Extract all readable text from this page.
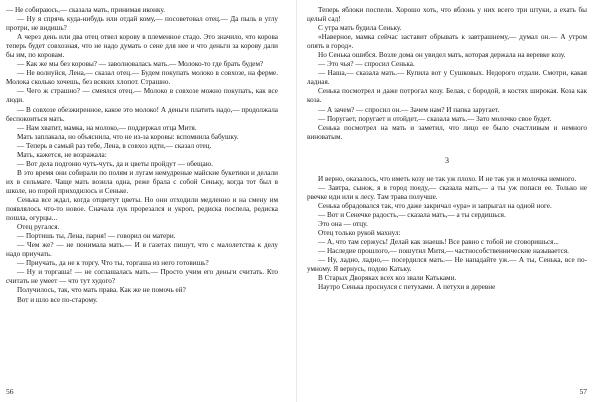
— Не собираюсь,— сказала мать, принимая иконку.

— Ну я спрячь куда-нибудь или отдай кому,— посоветовал отец.— Да пыль в углу протри, не видишь?

А через день или два отец отвел корову в племенное стадо. Это значило, что корова теперь будет совхозная, что не надо думать о сене для нее и что деньги за корову дали бы им, по коровам.

— Как же мы без коровы? — заволновалась мать.— Молоко-то где брать будем?

— Не волнуйся, Лена,— сказал отец.— Будем покупать молоко в совхозе, на ферме. Молока сколько хочешь, без всяких хлопот. Страшно.

— Чего ж страшно? — смеялся отец.— Молоко в совхозе можно покупать, как все люди.

— В совхозе обезжиренное, какое это молоко! А деньги платить надо,— продолжала беспокоиться мать.

— Нам хватит, мамка, на молоко,— поддержал отца Митя.

Мать заплакала, но объяснила, что не из-за коровы: вспомнила бабушку.

— Теперь в самый раз тебе, Лена, в совхоз идти,— сказал отец.

Мать, кажется, не возражала:

— Вот дела подгоню чуть-чуть, да и цветы пройдут — обещаю.

В это время они собирали по полям и лугам немудреные майские букетики и делали их в сельмаге. Чаще мать возила одна, реже брала с собой Сеньку, когда тот был в школе, но порой приходилось и Сеньке.

Сенька все ждал, когда отцветут цветы. Но они отходили медленно и на смену им появлялось что-то новое. Сначала лук прорезался и укроп, редиска поспела, редиска пошла, огурцы...

Отец ругался.

— Портишь ты, Лена, парня! — говорил он матери.

— Чем же? — не понимала мать.— И в газетах пишут, что с малолетства к делу надо приучать.

— Приучать, да не к торгу. Что ты, торгаша из него готовишь?

— Ну и торгаша! — не соглашалась мать.— Просто учим его деньги считать. Кто считать не умеет — что тут худого?

Получилось, так, что мать права. Как же не помочь ей?

Вот и шло все по-старому.

56

Теперь яблоки поспели. Хорошо хоть, что яблонь у них всего три штуки, а ехать бы целый сад!

С утра мать будила Сеньку.

«Наверное, мамка сейчас заставит обрывать к завтрашнему,— думал он.— А утром опять в город».

Но Сенька ошибся. Возле дома он увидел мать, которая держала на веревке козу.

— Это чья? — спросил Сенька.

— Наша,— сказала мать.— Купила вот у Сушковых. Недорого отдали. Смотри, какая ладная.

Сенька посмотрел и даже потрогал козу. Белая, с бородой, в костях широкая. Коза как коза.

— А зачем? — спросил он.— Зачем нам? И папка заругает.

— Поругает, поругает и отойдет,— сказала мать.— Зато молочко свое будет.

Сенька посмотрел на мать и заметил, что лицо ее было счастливым и немного виноватым.

3

И верно, оказалось, что иметь козу не так уж плохо. И не так уж и молочка немного.

— Завтра, сынок, я в город поеду,— сказала мать,— а ты уж попаси ее. Только не рвечке иди или к лесу. Там трава получше.

Сенька обрадовался так, что даже закричал «ура» и запрыгал на одной ноге.

— Вот и Сенечке радость,— сказала мать,— а ты сердишься.

Это она — отцу.

Отец только рукой махнул:

— А, что там сержусь! Делай как знаешь! Все равно с тобой не сговоришься...

— Наследие прошлого,— пошутил Митя,— частнособственнические называется.

— Ну, ладно, ладно,— посердился мать.— Не нападайте уж.— А ты, Сенька, все по-умному. Я вернусь, подою Катьку.

В Старых Дворяках всех коз звали Катьками.

Наутро Сенька проснулся с петухами. А петухи в деревне

57
